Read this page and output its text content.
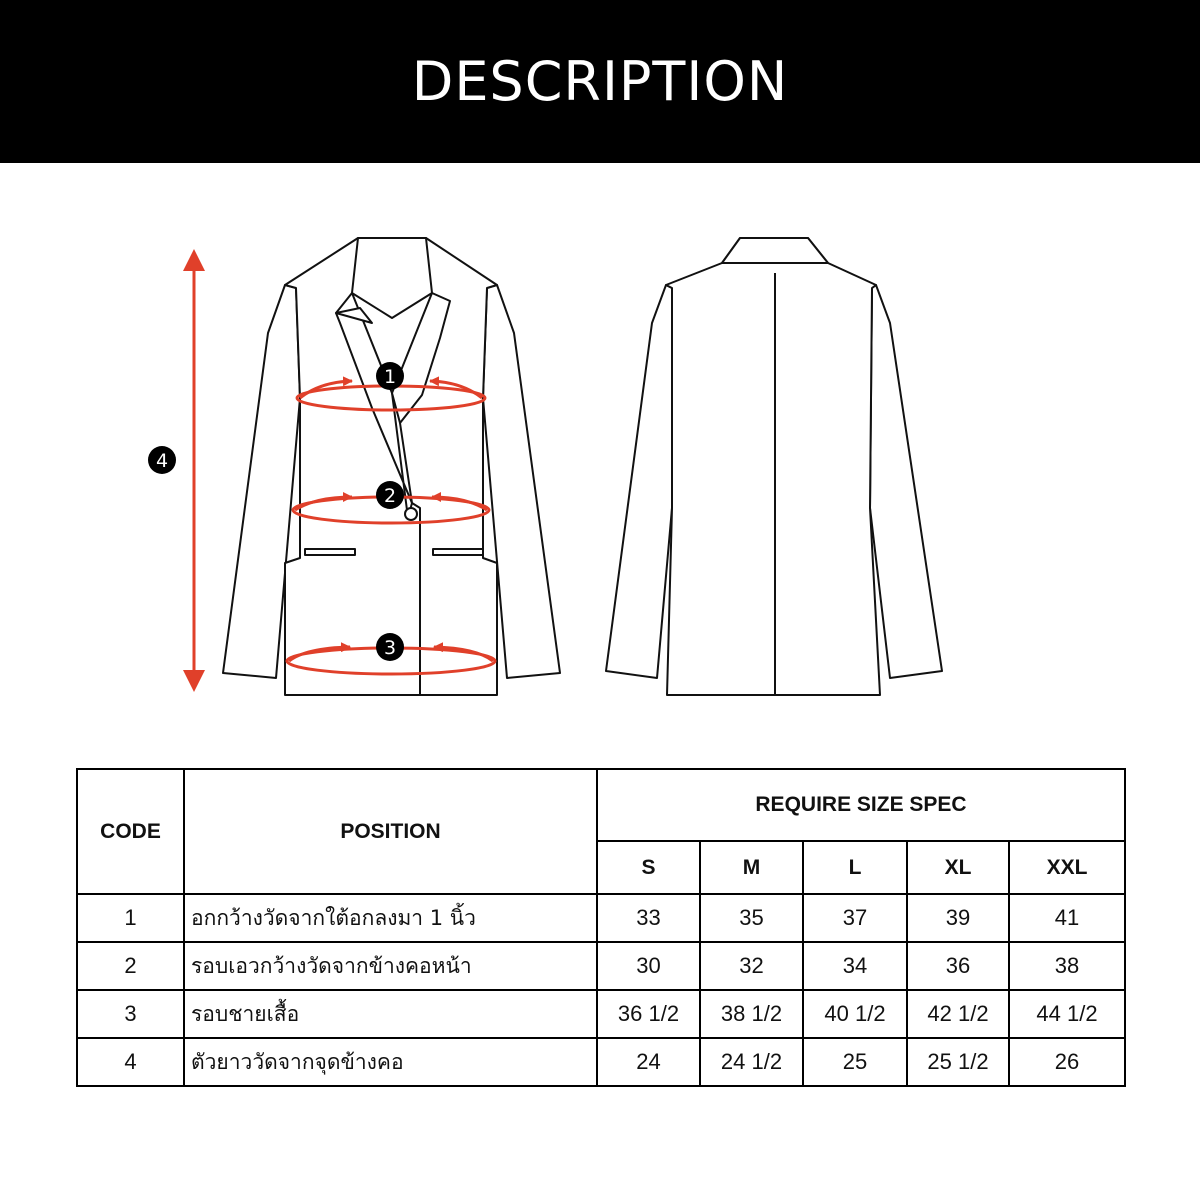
DESCRIPTION
1
2
3
4
CODE	POSITION	REQUIRE SIZE SPEC				
		S	M	L	XL	XXL
1	อกกว้างวัดจากใต้อกลงมา 1 นิ้ว	33	35	37	39	41
2	รอบเอวกว้างวัดจากข้างคอหน้า	30	32	34	36	38
3	รอบชายเสื้อ	36 1/2	38 1/2	40 1/2	42 1/2	44 1/2
4	ตัวยาววัดจากจุดข้างคอ	24	24 1/2	25	25 1/2	26
